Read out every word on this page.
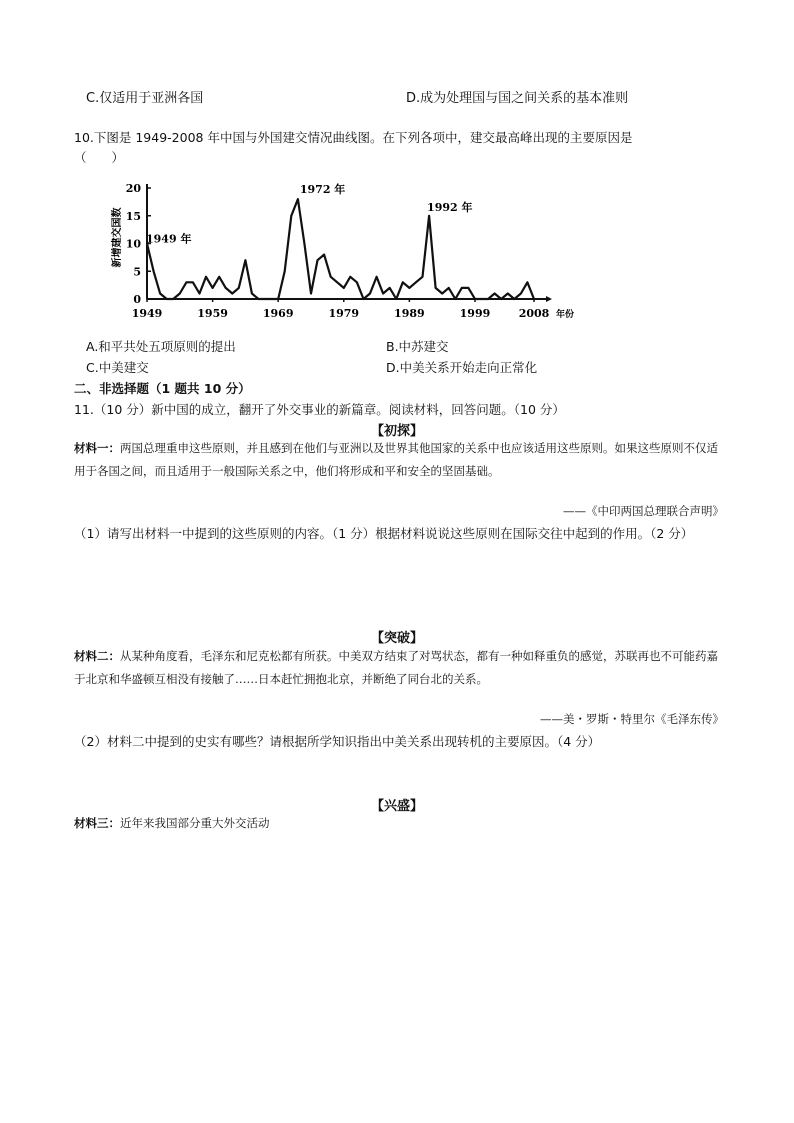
C.仅适用于亚洲各国	D.成为处理国与国之间关系的基本准则
10.下图是 1949-2008 年中国与外国建交情况曲线图。在下列各项中，建交最高峰出现的主要原因是
（　　）
0
5
10
15
20
1949	1959	1969	1979	1989	1999	2008 年份
新增建交国数 1949 年
1972 年
1992 年
A.和平共处五项原则的提出	B.中苏建交
C.中美建交	D.中美关系开始走向正常化
二、非选择题（1 题共 10 分）
11.（10 分）新中国的成立，翻开了外交事业的新篇章。阅读材料，回答问题。（10 分）
【初探】
材料一：两国总理重申这些原则，并且感到在他们与亚洲以及世界其他国家的关系中也应该适用这些原则。如果这些原则不仅适用于各国之间，而且适用于一般国际关系之中，他们将形成和平和安全的坚固基础。
——《中印两国总理联合声明》
（1）请写出材料一中提到的这些原则的内容。（1 分）根据材料说说这些原则在国际交往中起到的作用。（2 分）
【突破】
材料二：从某种角度看，毛泽东和尼克松都有所获。中美双方结束了对骂状态，都有一种如释重负的感觉，苏联再也不可能药嘉于北京和华盛顿互相没有接触了……日本赶忙拥抱北京，并断绝了同台北的关系。
——美・罗斯・特里尔《毛泽东传》
（2）材料二中提到的史实有哪些？请根据所学知识指出中美关系出现转机的主要原因。（4 分）
【兴盛】
材料三：近年来我国部分重大外交活动
